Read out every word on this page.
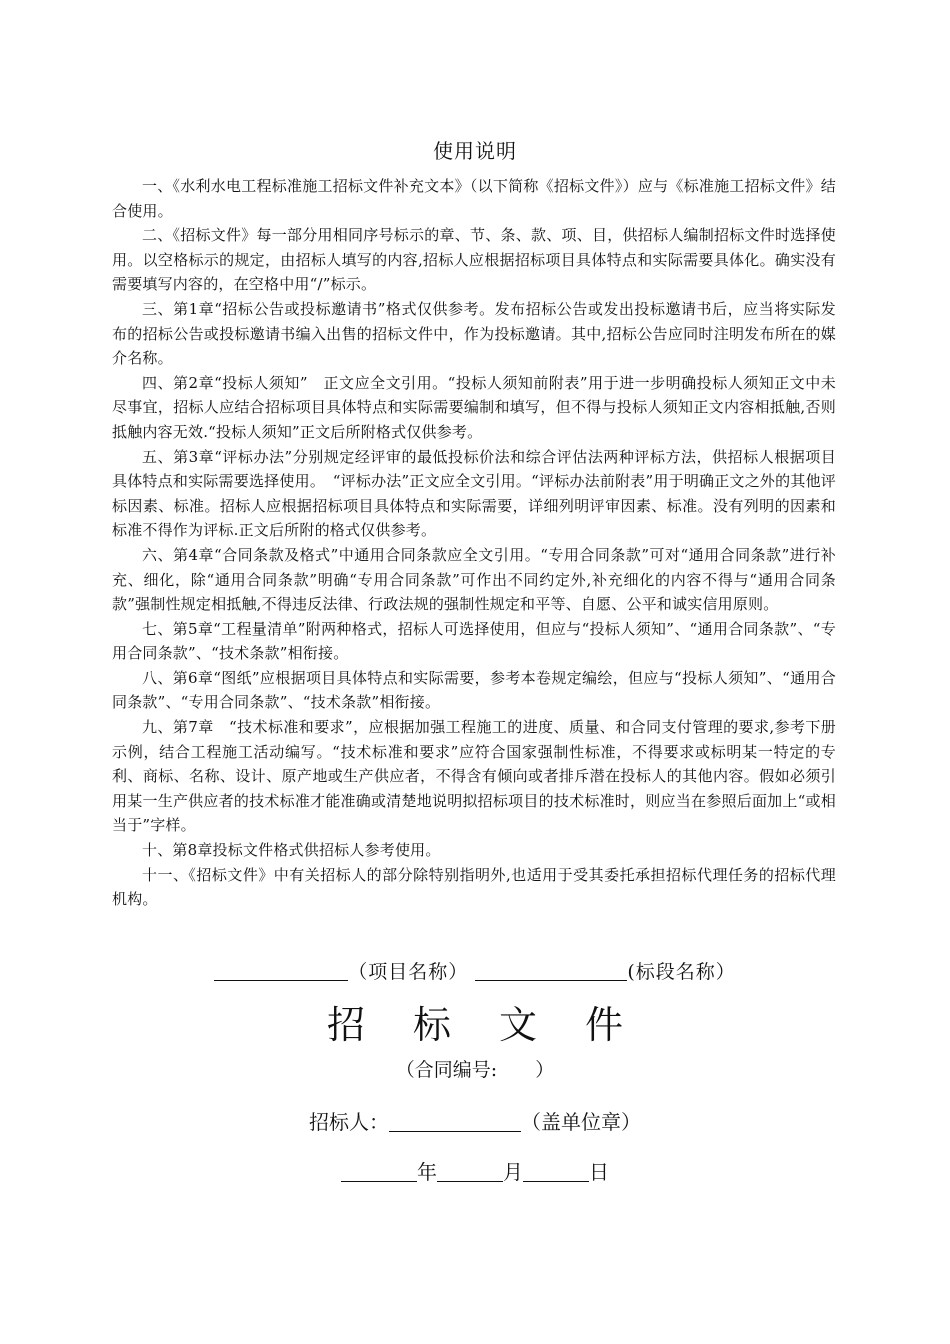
使用说明

一、《水利水电工程标准施工招标文件补充文本》（以下简称《招标文件》）应与《标准施工招标文件》结合使用。

二、《招标文件》每一部分用相同序号标示的章、节、条、款、项、目，供招标人编制招标文件时选择使用。以空格标示的规定，由招标人填写的内容,招标人应根据招标项目具体特点和实际需要具体化。确实没有需要填写内容的，在空格中用“/”标示。

三、第1章“招标公告或投标邀请书”格式仅供参考。发布招标公告或发出投标邀请书后，应当将实际发布的招标公告或投标邀请书编入出售的招标文件中，作为投标邀请。其中,招标公告应同时注明发布所在的媒介名称。

四、第2章“投标人须知”　正文应全文引用。“投标人须知前附表”用于进一步明确投标人须知正文中未尽事宜，招标人应结合招标项目具体特点和实际需要编制和填写，但不得与投标人须知正文内容相抵触,否则抵触内容无效.“投标人须知”正文后所附格式仅供参考。

五、第3章“评标办法”分别规定经评审的最低投标价法和综合评估法两种评标方法，供招标人根据项目具体特点和实际需要选择使用。　“评标办法”正文应全文引用。“评标办法前附表”用于明确正文之外的其他评标因素、标准。招标人应根据招标项目具体特点和实际需要，详细列明评审因素、标准。没有列明的因素和标准不得作为评标.正文后所附的格式仅供参考。

六、第4章“合同条款及格式”中通用合同条款应全文引用。“专用合同条款”可对“通用合同条款”进行补充、细化，除“通用合同条款”明确“专用合同条款”可作出不同约定外,补充细化的内容不得与“通用合同条款”强制性规定相抵触,不得违反法律、行政法规的强制性规定和平等、自愿、公平和诚实信用原则。

七、第5章“工程量清单”附两种格式，招标人可选择使用，但应与“投标人须知”、“通用合同条款”、“专用合同条款”、“技术条款”相衔接。

八、第6章“图纸”应根据项目具体特点和实际需要，参考本卷规定编绘，但应与“投标人须知”、“通用合同条款”、“专用合同条款”、“技术条款”相衔接。

九、第7章　“技术标准和要求”，应根据加强工程施工的进度、质量、和合同支付管理的要求,参考下册示例，结合工程施工活动编写。“技术标准和要求”应符合国家强制性标准，不得要求或标明某一特定的专利、商标、名称、设计、原产地或生产供应者，不得含有倾向或者排斥潜在投标人的其他内容。假如必须引用某一生产供应者的技术标准才能准确或清楚地说明拟招标项目的技术标准时，则应当在参照后面加上“或相当于”字样。

十、第8章投标文件格式供招标人参考使用。

十一、《招标文件》中有关招标人的部分除特别指明外,也适用于受其委托承担招标代理任务的招标代理机构。

（项目名称）	(标段名称）
招 标 文 件
（合同编号:　　）
招标人：	（盖单位章）
年	月	日
